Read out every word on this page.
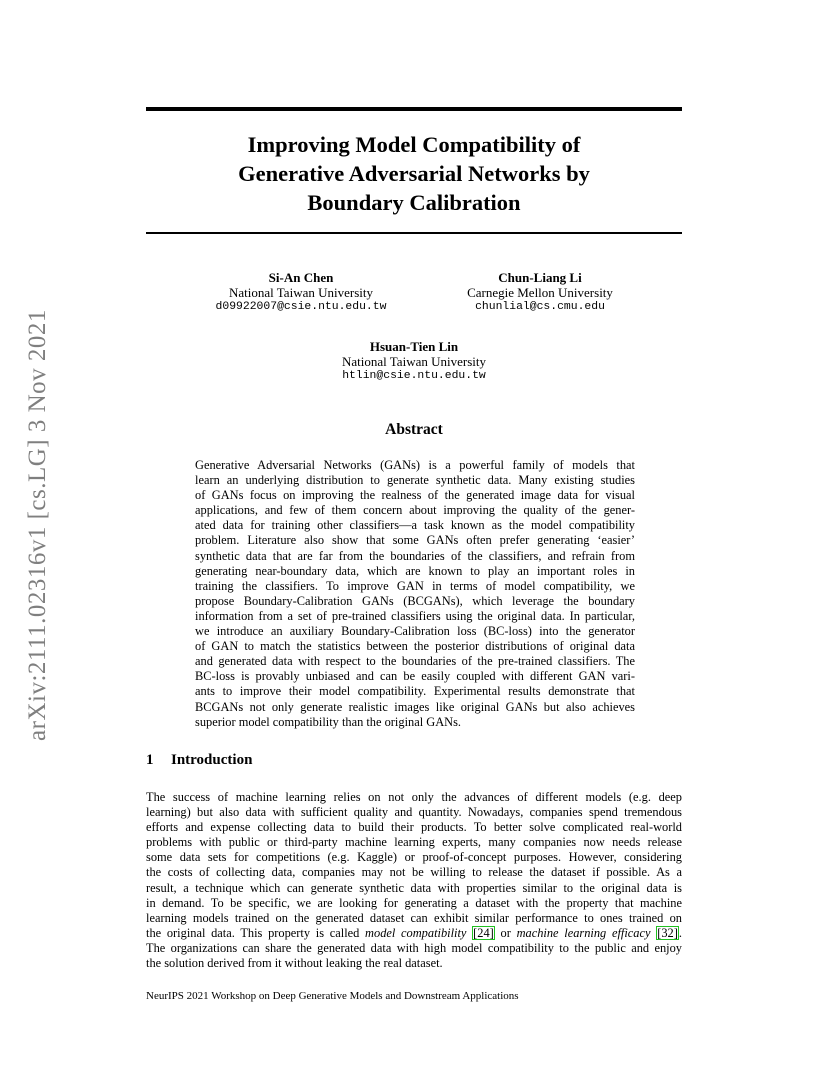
arXiv:2111.02316v1 [cs.LG] 3 Nov 2021
Improving Model Compatibility of
Generative Adversarial Networks by
Boundary Calibration
Si-An Chen
National Taiwan University
d09922007@csie.ntu.edu.tw
Chun-Liang Li
Carnegie Mellon University
chunlial@cs.cmu.edu
Hsuan-Tien Lin
National Taiwan University
htlin@csie.ntu.edu.tw
Abstract
Generative Adversarial Networks (GANs) is a powerful family of models that
learn an underlying distribution to generate synthetic data. Many existing studies
of GANs focus on improving the realness of the generated image data for visual
applications, and few of them concern about improving the quality of the gener-
ated data for training other classifiers—a task known as the model compatibility
problem. Literature also show that some GANs often prefer generating ‘easier’
synthetic data that are far from the boundaries of the classifiers, and refrain from
generating near-boundary data, which are known to play an important roles in
training the classifiers. To improve GAN in terms of model compatibility, we
propose Boundary-Calibration GANs (BCGANs), which leverage the boundary
information from a set of pre-trained classifiers using the original data. In particular,
we introduce an auxiliary Boundary-Calibration loss (BC-loss) into the generator
of GAN to match the statistics between the posterior distributions of original data
and generated data with respect to the boundaries of the pre-trained classifiers. The
BC-loss is provably unbiased and can be easily coupled with different GAN vari-
ants to improve their model compatibility. Experimental results demonstrate that
BCGANs not only generate realistic images like original GANs but also achieves
superior model compatibility than the original GANs.
1 Introduction
The success of machine learning relies on not only the advances of different models (e.g. deep
learning) but also data with sufficient quality and quantity. Nowadays, companies spend tremendous
efforts and expense collecting data to build their products. To better solve complicated real-world
problems with public or third-party machine learning experts, many companies now needs release
some data sets for competitions (e.g. Kaggle) or proof-of-concept purposes. However, considering
the costs of collecting data, companies may not be willing to release the dataset if possible. As a
result, a technique which can generate synthetic data with properties similar to the original data is
in demand. To be specific, we are looking for generating a dataset with the property that machine
learning models trained on the generated dataset can exhibit similar performance to ones trained on
the original data. This property is called model compatibility [24] or machine learning efficacy [32].
The organizations can share the generated data with high model compatibility to the public and enjoy
the solution derived from it without leaking the real dataset.
NeurIPS 2021 Workshop on Deep Generative Models and Downstream Applications
